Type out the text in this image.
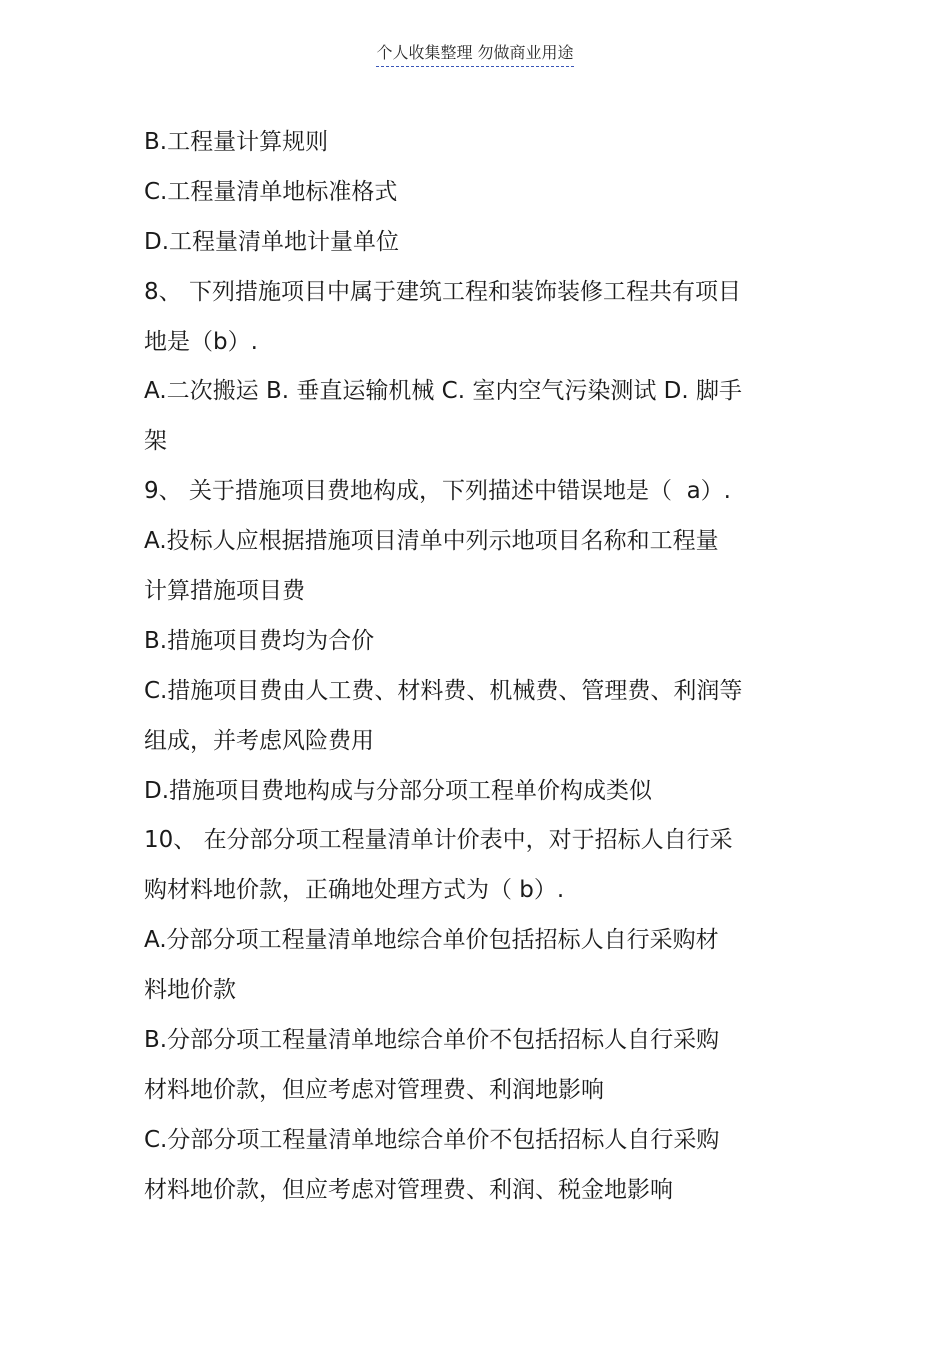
个人收集整理 勿做商业用途
B.工程量计算规则
C.工程量清单地标准格式
D.工程量清单地计量单位
8、 下列措施项目中属于建筑工程和装饰装修工程共有项目
地是（b）.
A.二次搬运 B. 垂直运输机械 C. 室内空气污染测试 D. 脚手
架
9、 关于措施项目费地构成，下列描述中错误地是（  a）.
A.投标人应根据措施项目清单中列示地项目名称和工程量
计算措施项目费
B.措施项目费均为合价
C.措施项目费由人工费、材料费、机械费、管理费、利润等
组成，并考虑风险费用
D.措施项目费地构成与分部分项工程单价构成类似
10、 在分部分项工程量清单计价表中，对于招标人自行采
购材料地价款，正确地处理方式为（ b）.
A.分部分项工程量清单地综合单价包括招标人自行采购材
料地价款
B.分部分项工程量清单地综合单价不包括招标人自行采购
材料地价款，但应考虑对管理费、利润地影响
C.分部分项工程量清单地综合单价不包括招标人自行采购
材料地价款，但应考虑对管理费、利润、税金地影响
